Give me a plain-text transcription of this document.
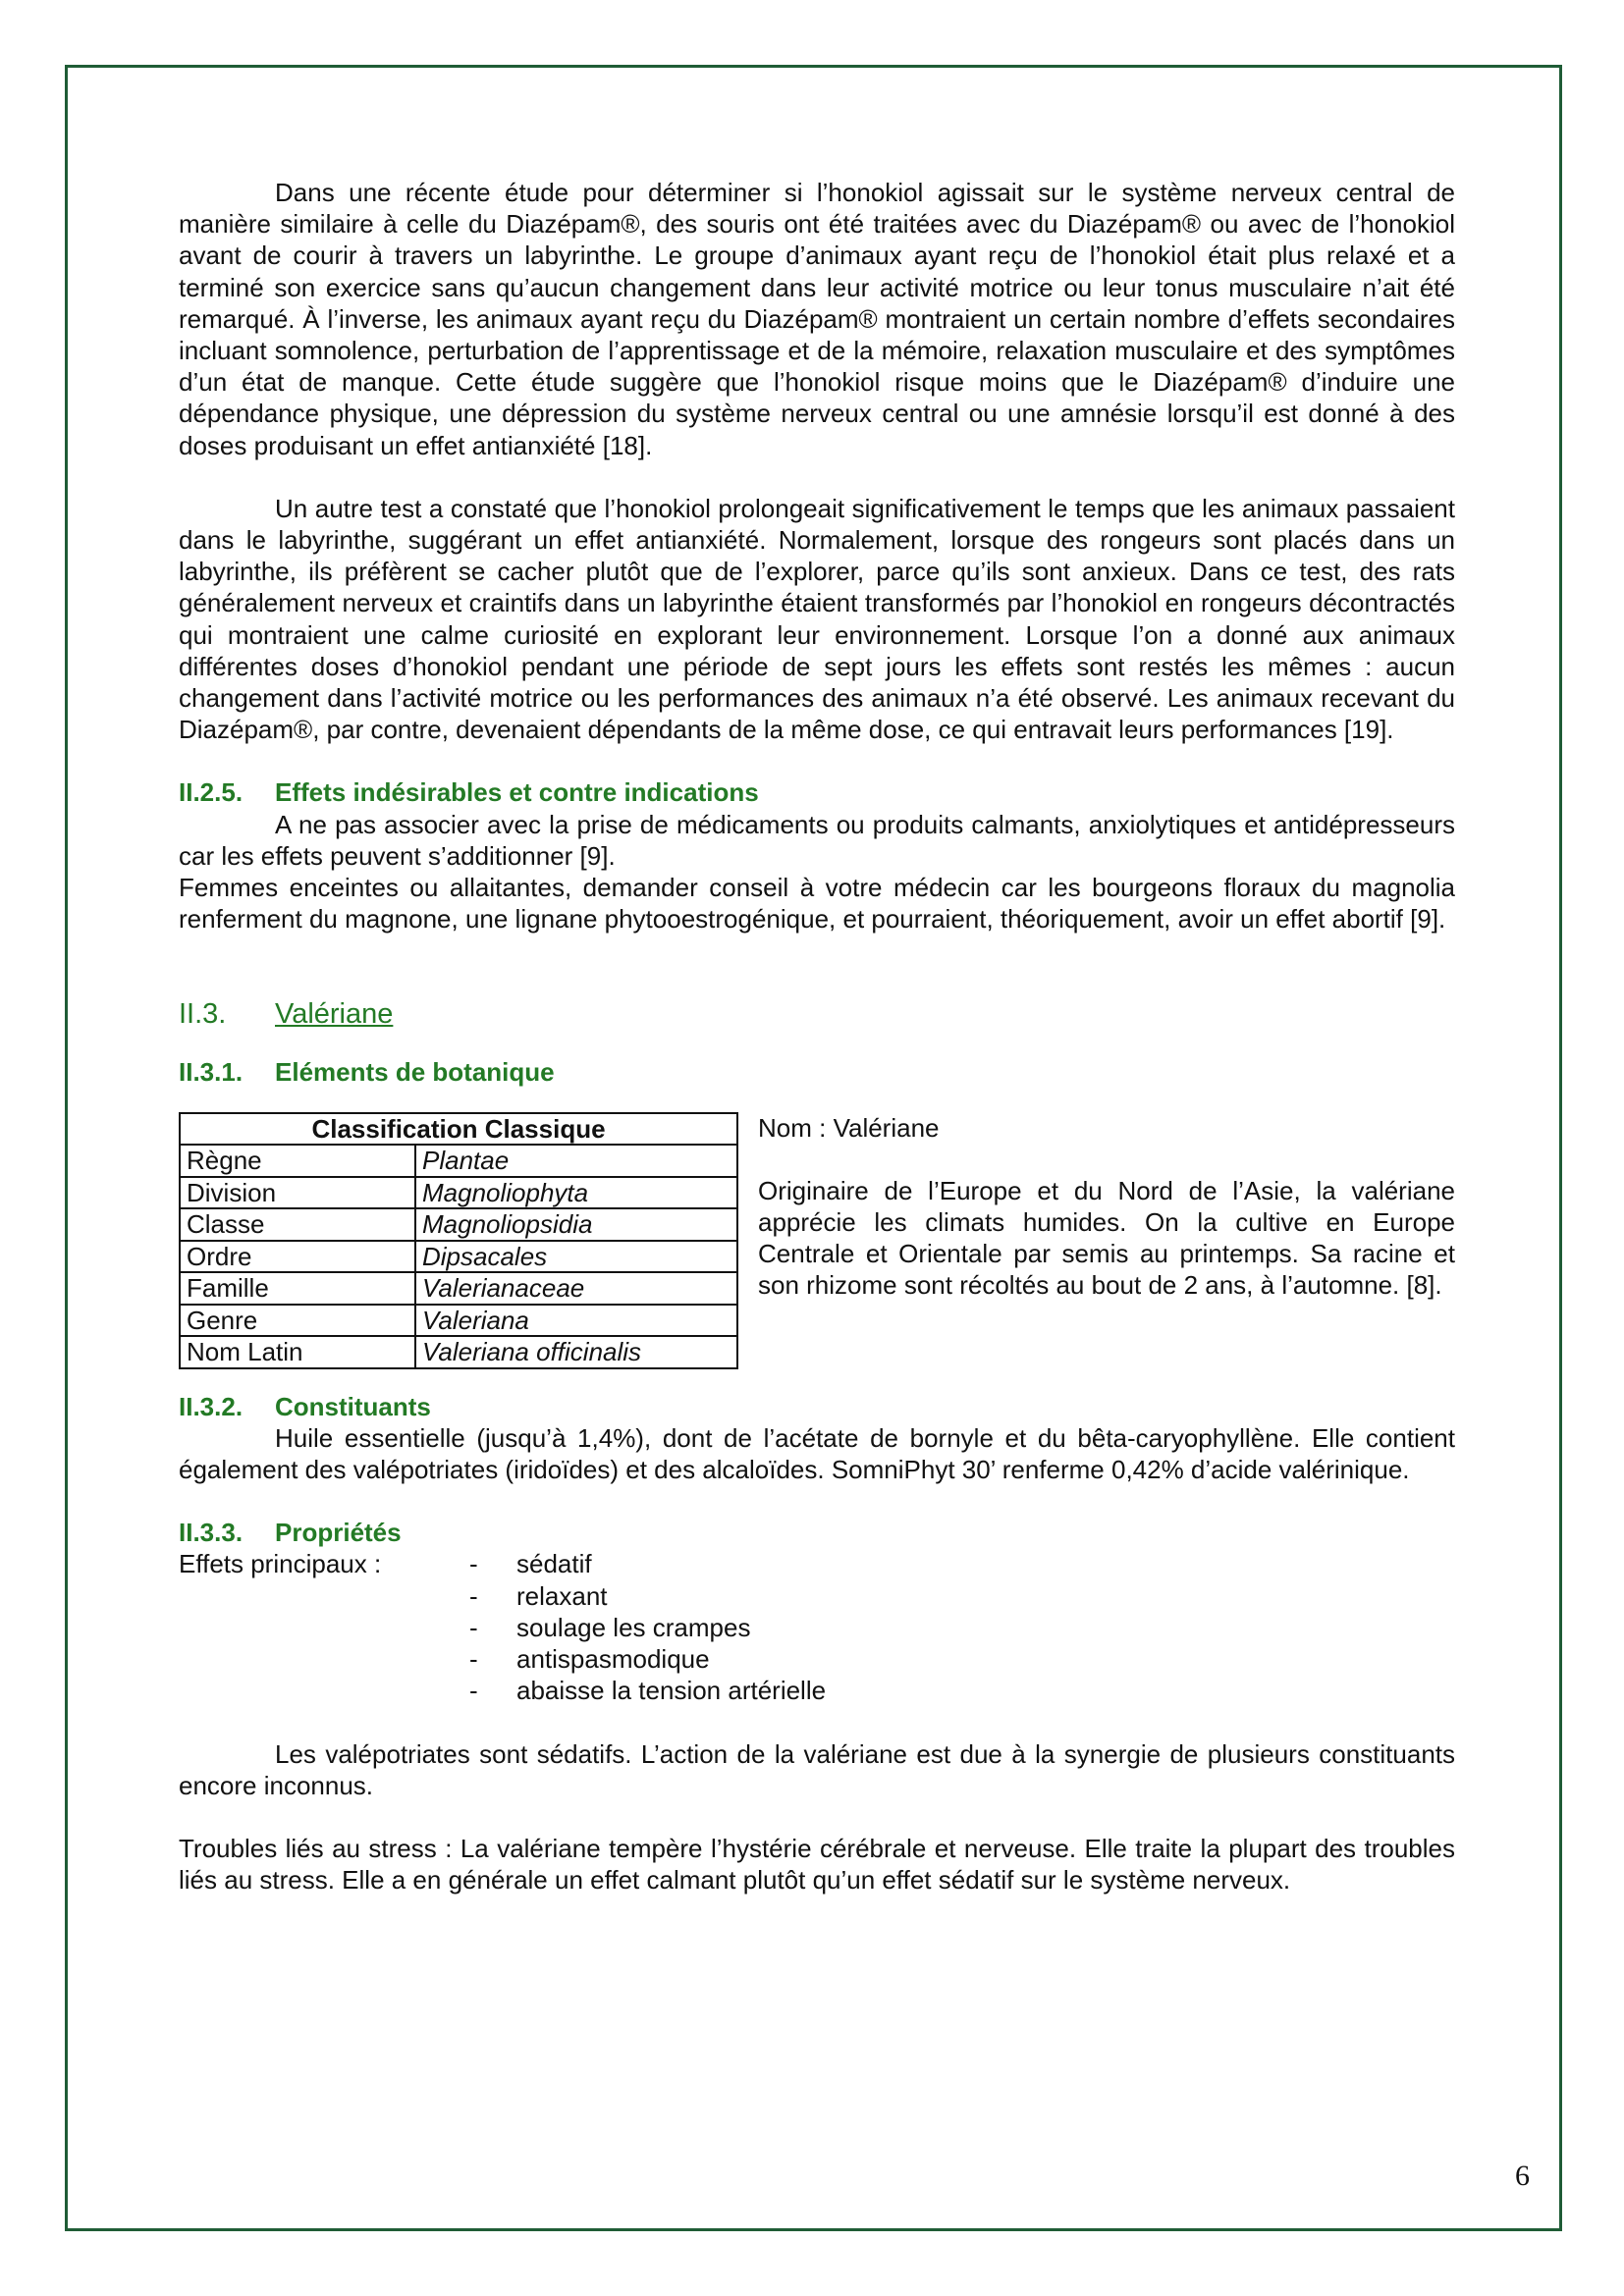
Dans une récente étude pour déterminer si l’honokiol agissait sur le système nerveux central de manière similaire à celle du Diazépam®, des souris ont été traitées avec du Diazépam® ou avec de l’honokiol avant de courir à travers un labyrinthe. Le groupe d’animaux ayant reçu de l’honokiol était plus relaxé et a terminé son exercice sans qu’aucun changement dans leur activité motrice ou leur tonus musculaire n’ait été remarqué. À l’inverse, les animaux ayant reçu du Diazépam® montraient un certain nombre d’effets secondaires incluant somnolence, perturbation de l’apprentissage et de la mémoire, relaxation musculaire et des symptômes d’un état de manque. Cette étude suggère que l’honokiol risque moins que le Diazépam® d’induire une dépendance physique, une dépression du système nerveux central ou une amnésie lorsqu’il est donné à des doses produisant un effet antianxiété [18].

Un autre test a constaté que l’honokiol prolongeait significativement le temps que les animaux passaient dans le labyrinthe, suggérant un effet antianxiété. Normalement, lorsque des rongeurs sont placés dans un labyrinthe, ils préfèrent se cacher plutôt que de l’explorer, parce qu’ils sont anxieux. Dans ce test, des rats généralement nerveux et craintifs dans un labyrinthe étaient transformés par l’honokiol en rongeurs décontractés qui montraient une calme curiosité en explorant leur environnement. Lorsque l’on a donné aux animaux différentes doses d’honokiol pendant une période de sept jours les effets sont restés les mêmes : aucun changement dans l’activité motrice ou les performances des animaux n’a été observé. Les animaux recevant du Diazépam®, par contre, devenaient dépendants de la même dose, ce qui entravait leurs performances [19].

II.2.5. Effets indésirables et contre indications

A ne pas associer avec la prise de médicaments ou produits calmants, anxiolytiques et antidépresseurs car les effets peuvent s’additionner [9].

Femmes enceintes ou allaitantes, demander conseil à votre médecin car les bourgeons floraux du magnolia renferment du magnone, une lignane phytooestrogénique, et pourraient, théoriquement, avoir un effet abortif [9].

II.3. Valériane
II.3.1. Eléments de botanique
Classification Classique	
Règne	Plantae
Division	Magnoliophyta
Classe	Magnoliopsidia
Ordre	Dipsacales
Famille	Valerianaceae
Genre	Valeriana
Nom Latin	Valeriana officinalis

Nom : Valériane

Originaire de l’Europe et du Nord de l’Asie, la valériane apprécie les climats humides. On la cultive en Europe Centrale et Orientale par semis au printemps. Sa racine et son rhizome sont récoltés au bout de 2 ans, à l’automne. [8].

II.3.2. Constituants

Huile essentielle (jusqu’à 1,4%), dont de l’acétate de bornyle et du bêta-caryophyllène. Elle contient également des valépotriates (iridoïdes) et des alcaloïdes. SomniPhyt 30’ renferme 0,42% d’acide valérinique.

II.3.3. Propriétés
Effets principaux :	- sédatif
- relaxant
- soulage les crampes
- antispasmodique
- abaisse la tension artérielle

Les valépotriates sont sédatifs. L’action de la valériane est due à la synergie de plusieurs constituants encore inconnus.

Troubles liés au stress : La valériane tempère l’hystérie cérébrale et nerveuse. Elle traite la plupart des troubles liés au stress. Elle a en générale un effet calmant plutôt qu’un effet sédatif sur le système nerveux.

6
